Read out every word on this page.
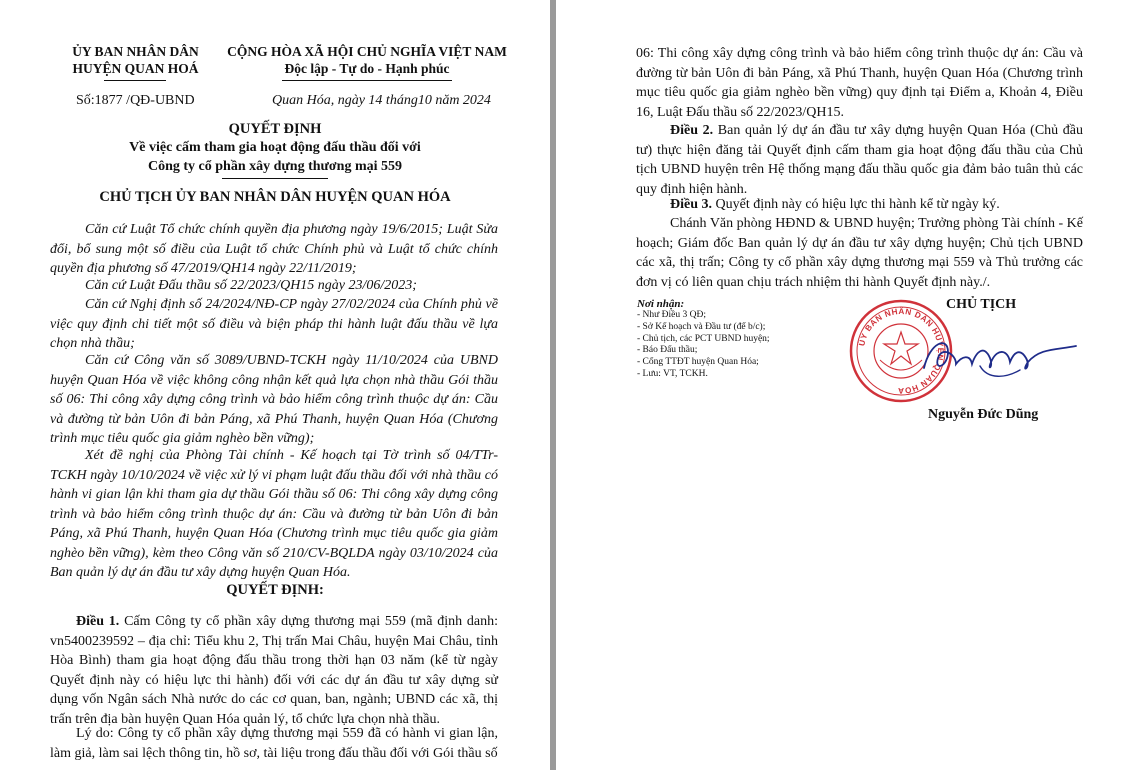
ỦY BAN NHÂN DÂN
HUYỆN QUAN HOÁ
CỘNG HÒA XÃ HỘI CHỦ NGHĨA VIỆT NAM
Độc lập - Tự do - Hạnh phúc
Số:1877 /QĐ-UBND	Quan Hóa, ngày 14 tháng10 năm 2024
QUYẾT ĐỊNH
Về việc cấm tham gia hoạt động đấu thầu đối với
Công ty cổ phần xây dựng thương mại 559
CHỦ TỊCH ỦY BAN NHÂN DÂN HUYỆN QUAN HÓA
Căn cứ Luật Tổ chức chính quyền địa phương ngày 19/6/2015; Luật Sửa đổi, bổ sung một số điều của Luật tổ chức Chính phủ và Luật tổ chức chính quyền địa phương số 47/2019/QH14 ngày 22/11/2019;
Căn cứ Luật Đấu thầu số 22/2023/QH15 ngày 23/06/2023;
Căn cứ Nghị định số 24/2024/NĐ-CP ngày 27/02/2024 của Chính phủ về việc quy định chi tiết một số điều và biện pháp thi hành luật đấu thầu về lựa chọn nhà thầu;
Căn cứ Công văn số 3089/UBND-TCKH ngày 11/10/2024 của UBND huyện Quan Hóa về việc không công nhận kết quả lựa chọn nhà thầu Gói thầu số 06: Thi công xây dựng công trình và bảo hiểm công trình thuộc dự án: Cầu và đường từ bản Uôn đi bản Páng, xã Phú Thanh, huyện Quan Hóa (Chương trình mục tiêu quốc gia giảm nghèo bền vững);
Xét đề nghị của Phòng Tài chính - Kế hoạch tại Tờ trình số 04/TTr-TCKH ngày 10/10/2024 về việc xử lý vi phạm luật đấu thầu đối với nhà thầu có hành vi gian lận khi tham gia dự thầu Gói thầu số 06: Thi công xây dựng công trình và bảo hiểm công trình thuộc dự án: Cầu và đường từ bản Uôn đi bản Páng, xã Phú Thanh, huyện Quan Hóa (Chương trình mục tiêu quốc gia giảm nghèo bền vững), kèm theo Công văn số 210/CV-BQLDA ngày 03/10/2024 của Ban quản lý dự án đầu tư xây dựng huyện Quan Hóa.
QUYẾT ĐỊNH:
Điều 1. Cấm Công ty cổ phần xây dựng thương mại 559 (mã định danh: vn5400239592 – địa chỉ: Tiểu khu 2, Thị trấn Mai Châu, huyện Mai Châu, tỉnh Hòa Bình) tham gia hoạt động đấu thầu trong thời hạn 03 năm (kể từ ngày Quyết định này có hiệu lực thi hành) đối với các dự án đầu tư xây dựng sử dụng vốn Ngân sách Nhà nước do các cơ quan, ban, ngành; UBND các xã, thị trấn trên địa bàn huyện Quan Hóa quản lý, tổ chức lựa chọn nhà thầu.
Lý do: Công ty cổ phần xây dựng thương mại 559 đã có hành vi gian lận, làm giả, làm sai lệch thông tin, hồ sơ, tài liệu trong đấu thầu đối với Gói thầu số
06: Thi công xây dựng công trình và bảo hiểm công trình thuộc dự án: Cầu và đường từ bản Uôn đi bản Páng, xã Phú Thanh, huyện Quan Hóa (Chương trình mục tiêu quốc gia giảm nghèo bền vững) quy định tại Điểm a, Khoản 4, Điều 16, Luật Đấu thầu số 22/2023/QH15.
Điều 2. Ban quản lý dự án đầu tư xây dựng huyện Quan Hóa (Chủ đầu tư) thực hiện đăng tải Quyết định cấm tham gia hoạt động đấu thầu của Chủ tịch UBND huyện trên Hệ thống mạng đấu thầu quốc gia đảm bảo tuân thủ các quy định hiện hành.
Điều 3. Quyết định này có hiệu lực thi hành kể từ ngày ký.
Chánh Văn phòng HĐND & UBND huyện; Trưởng phòng Tài chính - Kế hoạch; Giám đốc Ban quản lý dự án đầu tư xây dựng huyện; Chủ tịch UBND các xã, thị trấn; Công ty cổ phần xây dựng thương mại 559 và Thủ trưởng các đơn vị có liên quan chịu trách nhiệm thi hành Quyết định này./.
Nơi nhận:
- Như Điều 3 QĐ;
- Sở Kế hoạch và Đầu tư (để b/c);
- Chủ tịch, các PCT UBND huyện;
- Báo Đấu thầu;
- Cổng TTĐT huyện Quan Hóa;
- Lưu: VT, TCKH.
CHỦ TỊCH
ỦY BAN NHÂN DÂN HUYỆN QUAN HÓA
Nguyễn Đức Dũng
